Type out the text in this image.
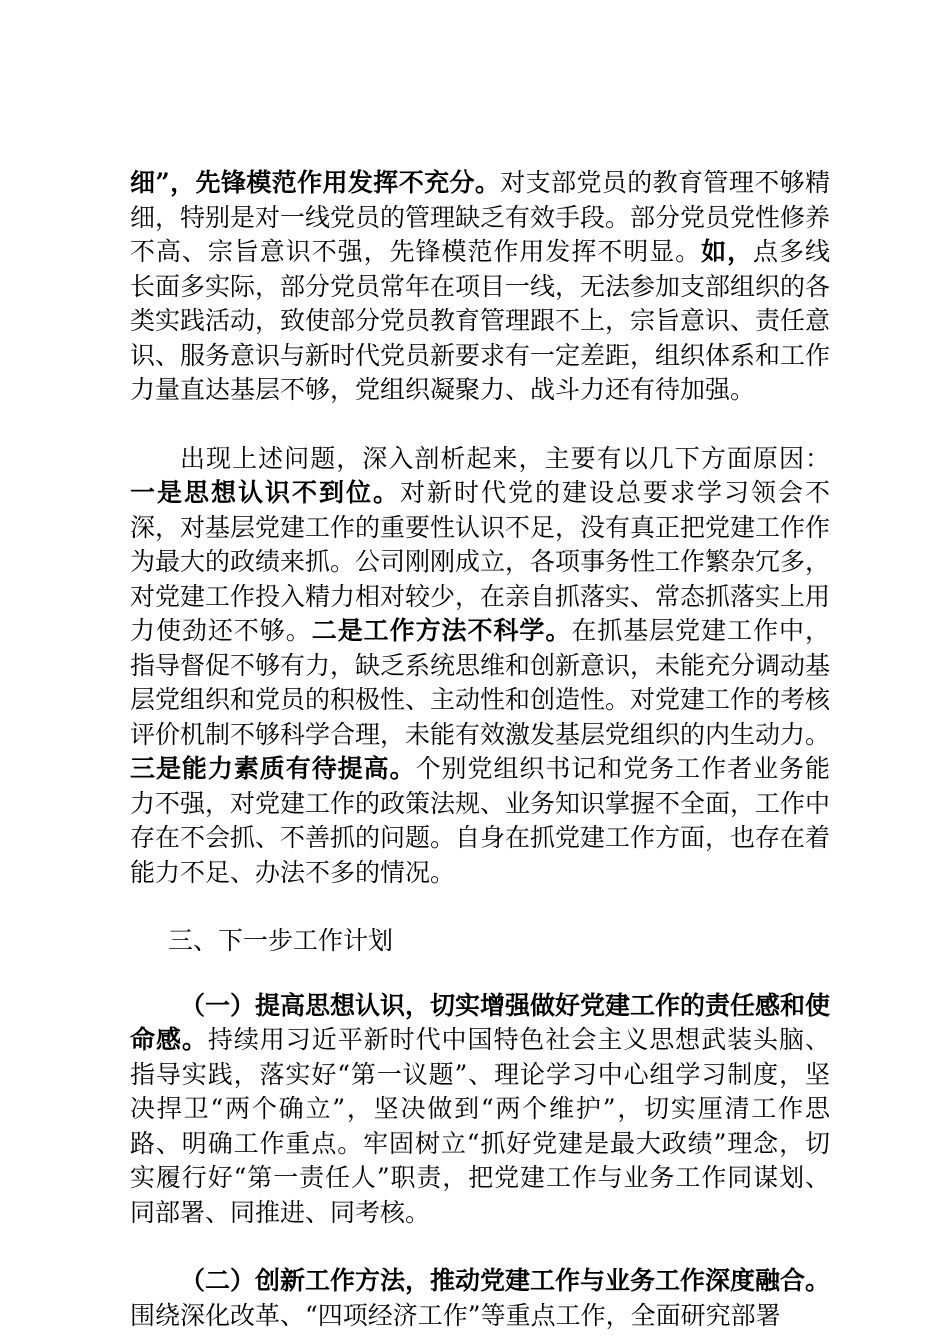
细”，先锋模范作用发挥不充分。对支部党员的教育管理不够精细，特别是对一线党员的管理缺乏有效手段。部分党员党性修养不高、宗旨意识不强，先锋模范作用发挥不明显。如，点多线长面多实际，部分党员常年在项目一线，无法参加支部组织的各类实践活动，致使部分党员教育管理跟不上，宗旨意识、责任意识、服务意识与新时代党员新要求有一定差距，组织体系和工作力量直达基层不够，党组织凝聚力、战斗力还有待加强。

出现上述问题，深入剖析起来，主要有以几下方面原因：一是思想认识不到位。对新时代党的建设总要求学习领会不深，对基层党建工作的重要性认识不足，没有真正把党建工作作为最大的政绩来抓。公司刚刚成立，各项事务性工作繁杂冗多，对党建工作投入精力相对较少，在亲自抓落实、常态抓落实上用力使劲还不够。二是工作方法不科学。在抓基层党建工作中，指导督促不够有力，缺乏系统思维和创新意识，未能充分调动基层党组织和党员的积极性、主动性和创造性。对党建工作的考核评价机制不够科学合理，未能有效激发基层党组织的内生动力。三是能力素质有待提高。个别党组织书记和党务工作者业务能力不强，对党建工作的政策法规、业务知识掌握不全面，工作中存在不会抓、不善抓的问题。自身在抓党建工作方面，也存在着能力不足、办法不多的情况。

三、下一步工作计划

（一）提高思想认识，切实增强做好党建工作的责任感和使命感。持续用习近平新时代中国特色社会主义思想武装头脑、指导实践，落实好“第一议题”、理论学习中心组学习制度，坚决捍卫“两个确立”，坚决做到“两个维护”，切实厘清工作思路、明确工作重点。牢固树立“抓好党建是最大政绩”理念，切实履行好“第一责任人”职责，把党建工作与业务工作同谋划、同部署、同推进、同考核。

（二）创新工作方法，推动党建工作与业务工作深度融合。围绕深化改革、“四项经济工作”等重点工作，全面研究部署
